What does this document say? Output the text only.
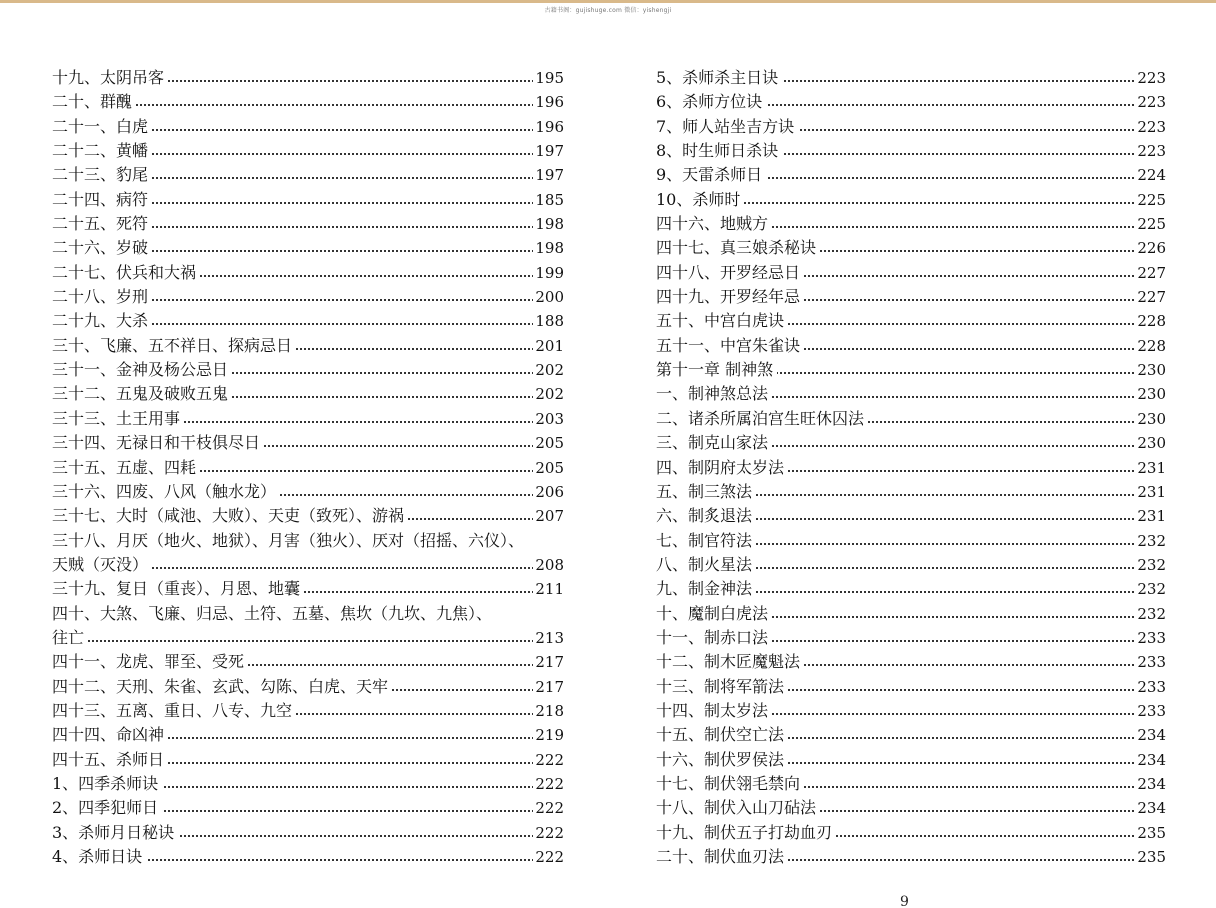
古籍书阁：gujishuge.com 微信：yishengji
十九、太阴吊客	195
二十、群醜	196
二十一、白虎	196
二十二、黄幡	197
二十三、豹尾	197
二十四、病符	185
二十五、死符	198
二十六、岁破	198
二十七、伏兵和大祸	199
二十八、岁刑	200
二十九、大杀	188
三十、飞廉、五不祥日、探病忌日	201
三十一、金神及杨公忌日	202
三十二、五鬼及破败五鬼	202
三十三、土王用事	203
三十四、无禄日和干枝俱尽日	205
三十五、五虚、四耗	205
三十六、四废、八风（触水龙）	206
三十七、大时（咸池、大败）、天吏（致死）、游祸	207
三十八、月厌（地火、地狱）、月害（独火）、厌对（招摇、六仪）、
天贼（灭没）	208
三十九、复日（重丧）、月恩、地囊	211
四十、大煞、飞廉、归忌、土符、五墓、焦坎（九坎、九焦）、
往亡	213
四十一、龙虎、罪至、受死	217
四十二、天刑、朱雀、玄武、勾陈、白虎、天牢	217
四十三、五离、重日、八专、九空	218
四十四、命凶神	219
四十五、杀师日	222
1、四季杀师诀	222
2、四季犯师日	222
3、杀师月日秘诀	222
4、杀师日诀	222
5、杀师杀主日诀	223
6、杀师方位诀	223
7、师人站坐吉方诀	223
8、时生师日杀诀	223
9、天雷杀师日	224
10、杀师时	225
四十六、地贼方	225
四十七、真三娘杀秘诀	226
四十八、开罗经忌日	227
四十九、开罗经年忌	227
五十、中宫白虎诀	228
五十一、中宫朱雀诀	228
第十一章 制神煞	230
一、制神煞总法	230
二、诸杀所属泊宫生旺休囚法	230
三、制克山家法	230
四、制阴府太岁法	231
五、制三煞法	231
六、制炙退法	231
七、制官符法	232
八、制火星法	232
九、制金神法	232
十、魔制白虎法	232
十一、制赤口法	233
十二、制木匠魔魁法	233
十三、制将军箭法	233
十四、制太岁法	233
十五、制伏空亡法	234
十六、制伏罗侯法	234
十七、制伏翎毛禁向	234
十八、制伏入山刀砧法	234
十九、制伏五子打劫血刃	235
二十、制伏血刃法	235
9
